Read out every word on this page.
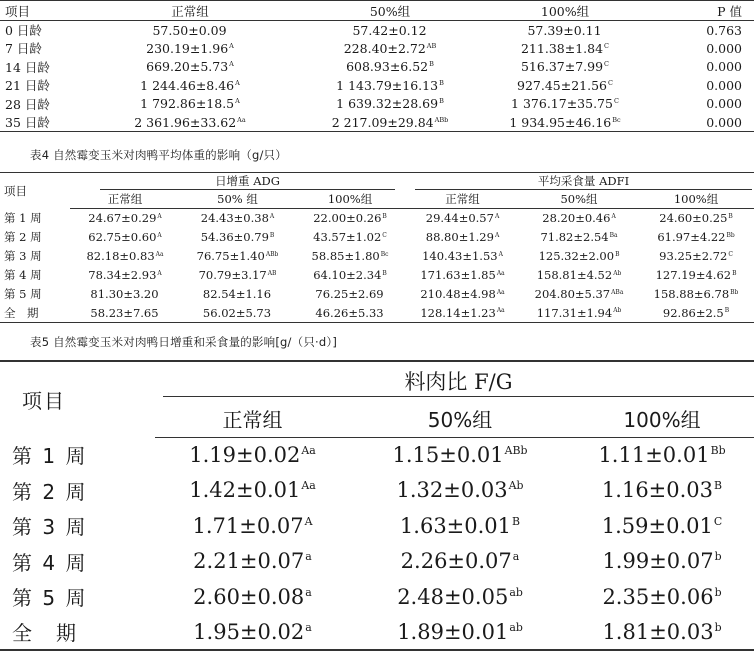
项目	正常组	50%组	100%组	P 值
0 日龄	57.50±0.09	57.42±0.12	57.39±0.11	0.763
7 日龄	$230.19\pm 1.96^A$	$228.40\pm 2.72^{AB}$	$211.38\pm 1.84^C$	0.000
14 日龄	$669.20\pm 5.73^A$	$608.93\pm 6.52^B$	$516.37\pm 7.99^C$	0.000
21 日龄	1 $244.46\pm 8.46^A$	1 $143.79\pm 16.13^B$	$927.45\pm 21.56^C$	0.000
28 日龄	1 $792.86\pm 18.5^A$	1 $639.32\pm 28.69^B$	1 $376.17\pm 35.75^C$	0.000
35 日龄	2 $361.96\pm 33.62^{Aa}$	2 $217.09\pm 29.84^{ABb}$	1 $934.95\pm 46.16^{Bc}$	0.000
表4 自然霉变玉米对肉鸭平均体重的影响（g/只）
项目	日增重 ADG			平均采食量 ADFI		

	正常组	50% 组	100%组	正常组	50%组	100%组
第 1 周	$24.67\pm 0.29^A$	$24.43\pm 0.38^A$	$22.00\pm 0.26^B$	$29.44\pm 0.57^A$	$28.20\pm 0.46^A$	$24.60\pm 0.25^B$
第 2 周	$62.75\pm 0.60^A$	$54.36\pm 0.79^B$	$43.57\pm 1.02^C$	$88.80\pm 1.29^A$	$71.82\pm 2.54^{Ba}$	$61.97\pm 4.22^{Bb}$
第 3 周	$82.18\pm 0.83^{Aa}$	$76.75\pm 1.40^{ABb}$	$58.85\pm 1.80^{Bc}$	$140.43\pm 1.53^A$	$125.32\pm 2.00^B$	$93.25\pm 2.72^C$
第 4 周	$78.34\pm 2.93^A$	$70.79\pm 3.17^{AB}$	$64.10\pm 2.34^B$	$171.63\pm 1.85^{Aa}$	$158.81\pm 4.52^{Ab}$	$127.19\pm 4.62^B$
第 5 周	81.30±3.20	82.54±1.16	76.25±2.69	$210.48\pm 4.98^{Aa}$	$204.80\pm 5.37^{ABa}$	$158.88\pm 6.78^{Bb}$
全　期	58.23±7.65	56.02±5.73	46.26±5.33	$128.14\pm 1.23^{Aa}$	$117.31\pm 1.94^{Ab}$	$92.86\pm 2.5^B$
表5 自然霉变玉米对肉鸭日增重和采食量的影响[g/（只·d）]
项目	料肉比 F/G		

	正常组	50%组	100%组
第 1 周	$1.19\pm 0.02^{Aa}$	$1.15\pm 0.01^{ABb}$	$1.11\pm 0.01^{Bb}$
第 2 周	$1.42\pm 0.01^{Aa}$	$1.32\pm 0.03^{Ab}$	$1.16\pm 0.03^B$
第 3 周	$1.71\pm 0.07^A$	$1.63\pm 0.01^B$	$1.59\pm 0.01^C$
第 4 周	2.21±0.07$^a$	2.26±0.07$^a$	1.99±0.07$^b$
第 5 周	2.60±0.08$^a$	2.48±0.05$^{ab}$	2.35±0.06$^b$
全　期	1.95±0.02$^a$	1.89±0.01$^{ab}$	1.81±0.03$^b$
